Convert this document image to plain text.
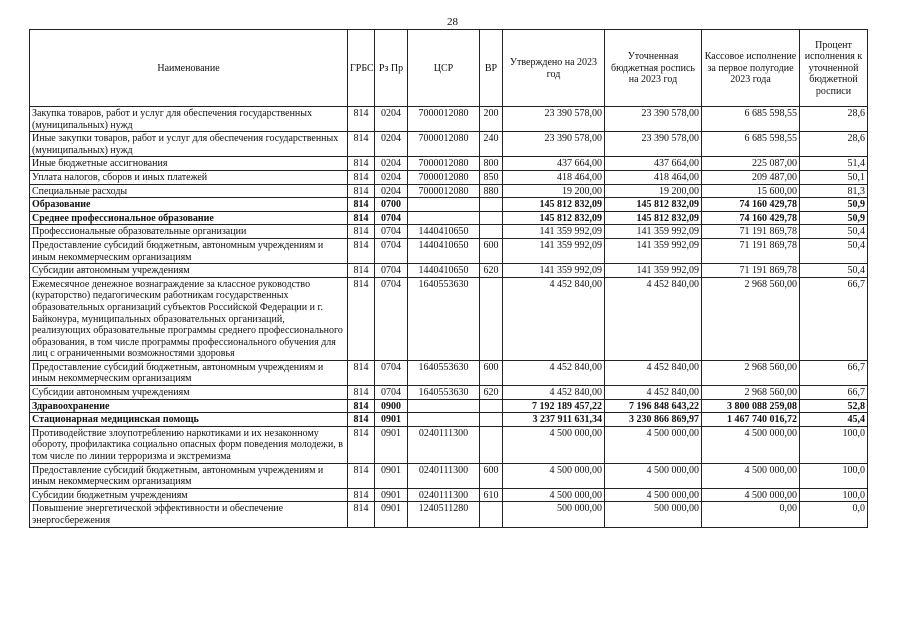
28
Наименование	ГРБС	Рз Пр	ЦСР	ВР	Утверждено на 2023 год	Уточненная бюджетная роспись на 2023 год	Кассовое исполнение за первое полугодие 2023 года	Процент исполнения к уточненной бюджетной росписи
Закупка товаров, работ и услуг для обеспечения государственных (муниципальных) нужд	814	0204	7000012080	200	23 390 578,00	23 390 578,00	6 685 598,55	28,6
Иные закупки товаров, работ и услуг для обеспечения государственных (муниципальных) нужд	814	0204	7000012080	240	23 390 578,00	23 390 578,00	6 685 598,55	28,6
Иные бюджетные ассигнования	814	0204	7000012080	800	437 664,00	437 664,00	225 087,00	51,4
Уплата налогов, сборов и иных платежей	814	0204	7000012080	850	418 464,00	418 464,00	209 487,00	50,1
Специальные расходы	814	0204	7000012080	880	19 200,00	19 200,00	15 600,00	81,3
Образование	814	0700			145 812 832,09	145 812 832,09	74 160 429,78	50,9
Среднее профессиональное образование	814	0704			145 812 832,09	145 812 832,09	74 160 429,78	50,9
Профессиональные образовательные организации	814	0704	1440410650		141 359 992,09	141 359 992,09	71 191 869,78	50,4
Предоставление субсидий бюджетным, автономным учреждениям и иным некоммерческим организациям	814	0704	1440410650	600	141 359 992,09	141 359 992,09	71 191 869,78	50,4
Субсидии автономным учреждениям	814	0704	1440410650	620	141 359 992,09	141 359 992,09	71 191 869,78	50,4
Ежемесячное денежное вознаграждение за классное руководство (кураторство) педагогическим работникам государственных образовательных организаций субъектов Российской Федерации и г. Байконура, муниципальных образовательных организаций, реализующих образовательные программы среднего профессионального образования, в том числе программы профессионального обучения для лиц с ограниченными возможностями здоровья	814	0704	1640553630		4 452 840,00	4 452 840,00	2 968 560,00	66,7
Предоставление субсидий бюджетным, автономным учреждениям и иным некоммерческим организациям	814	0704	1640553630	600	4 452 840,00	4 452 840,00	2 968 560,00	66,7
Субсидии автономным учреждениям	814	0704	1640553630	620	4 452 840,00	4 452 840,00	2 968 560,00	66,7
Здравоохранение	814	0900			7 192 189 457,22	7 196 848 643,22	3 800 088 259,08	52,8
Стационарная медицинская помощь	814	0901			3 237 911 631,34	3 230 866 869,97	1 467 740 016,72	45,4
Противодействие злоупотреблению наркотиками и их незаконному обороту, профилактика социально опасных форм поведения молодежи, в том числе по линии терроризма и экстремизма	814	0901	0240111300		4 500 000,00	4 500 000,00	4 500 000,00	100,0
Предоставление субсидий бюджетным, автономным учреждениям и иным некоммерческим организациям	814	0901	0240111300	600	4 500 000,00	4 500 000,00	4 500 000,00	100,0
Субсидии бюджетным учреждениям	814	0901	0240111300	610	4 500 000,00	4 500 000,00	4 500 000,00	100,0
Повышение энергетической эффективности и обеспечение энергосбережения	814	0901	1240511280		500 000,00	500 000,00	0,00	0,0
